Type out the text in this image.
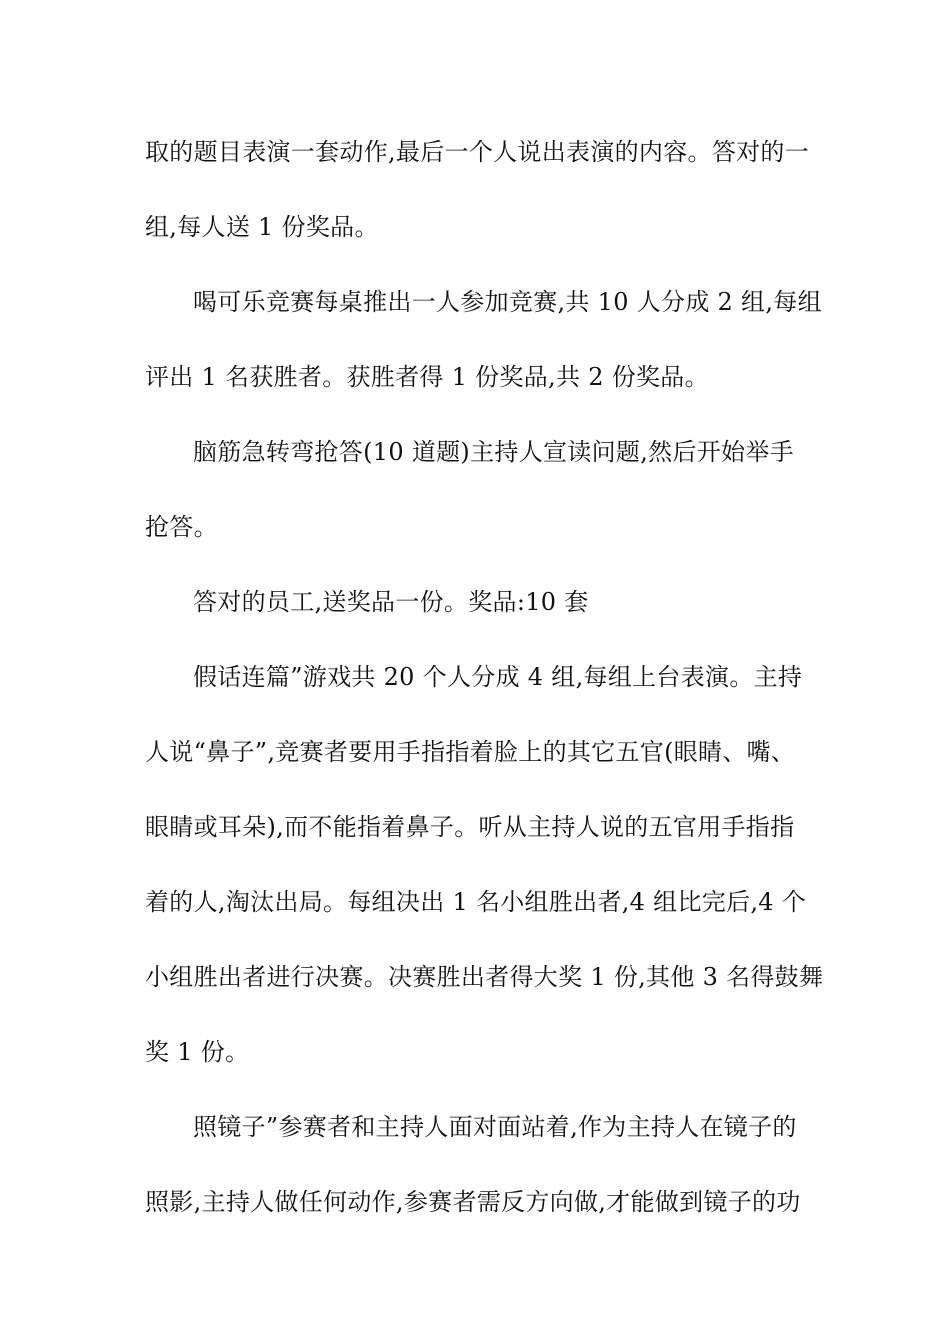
取的题目表演一套动作,最后一个人说出表演的内容。答对的一
组,每人送 1 份奖品。
喝可乐竞赛每桌推出一人参加竞赛,共 10 人分成 2 组,每组
评出 1 名获胜者。获胜者得 1 份奖品,共 2 份奖品。
脑筋急转弯抢答(10 道题)主持人宣读问题,然后开始举手
抢答。
答对的员工,送奖品一份。奖品:10 套
假话连篇”游戏共 20 个人分成 4 组,每组上台表演。主持
人说“鼻子”,竞赛者要用手指指着脸上的其它五官(眼睛、嘴、
眼睛或耳朵),而不能指着鼻子。听从主持人说的五官用手指指
着的人,淘汰出局。每组决出 1 名小组胜出者,4 组比完后,4 个
小组胜出者进行决赛。决赛胜出者得大奖 1 份,其他 3 名得鼓舞
奖 1 份。
照镜子”参赛者和主持人面对面站着,作为主持人在镜子的
照影,主持人做任何动作,参赛者需反方向做,才能做到镜子的功
